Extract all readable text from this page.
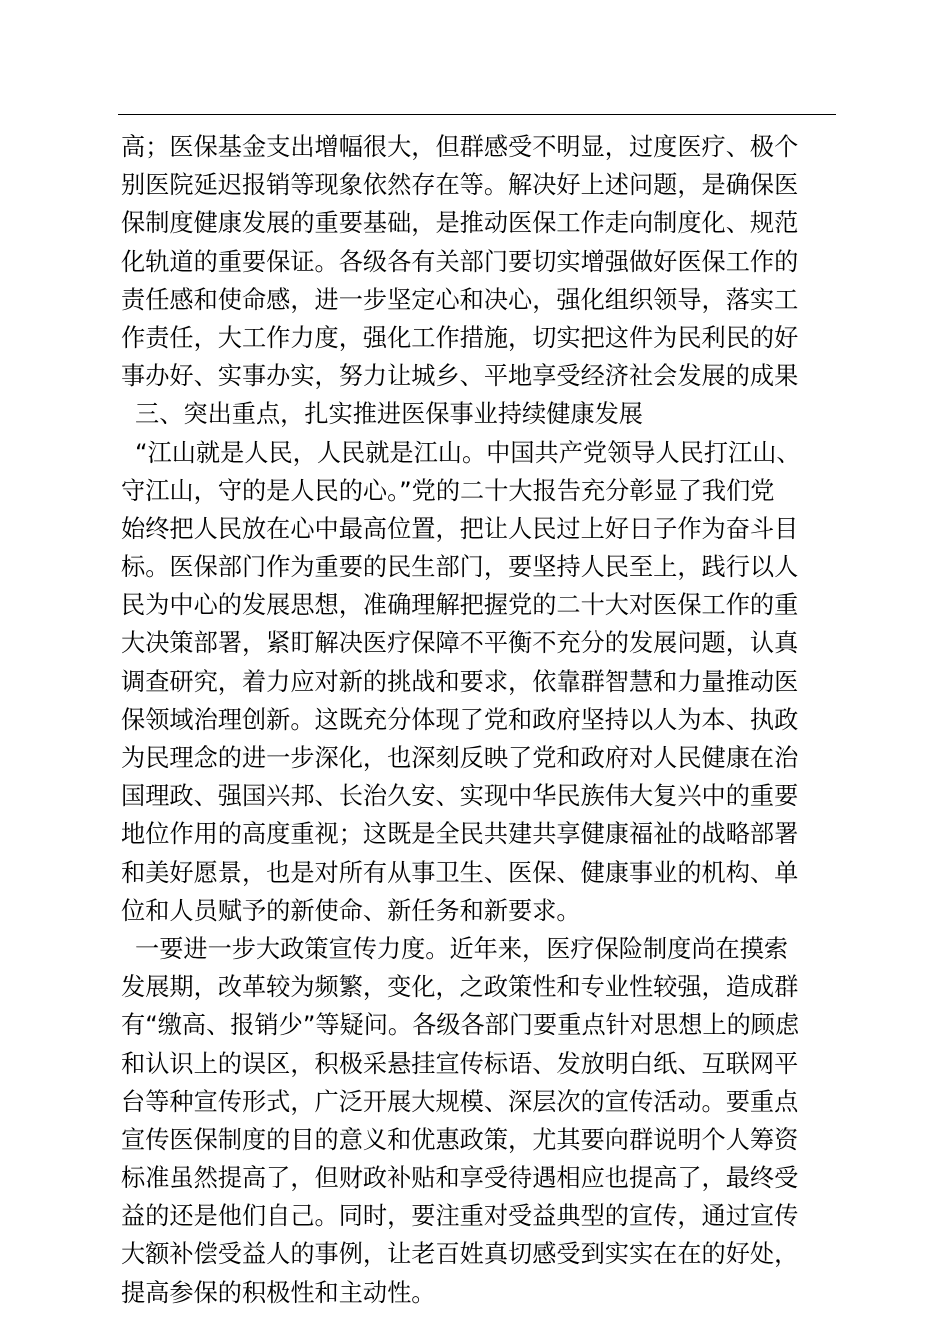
高；医保基金支出增幅很大，但群感受不明显，过度医疗、极个
别医院延迟报销等现象依然存在等。解决好上述问题，是确保医
保制度健康发展的重要基础，是推动医保工作走向制度化、规范
化轨道的重要保证。各级各有关部门要切实增强做好医保工作的
责任感和使命感，进一步坚定心和决心，强化组织领导，落实工
作责任，大工作力度，强化工作措施，切实把这件为民利民的好
事办好、实事办实，努力让城乡、平地享受经济社会发展的成果
三、突出重点，扎实推进医保事业持续健康发展
“江山就是人民，人民就是江山。中国共产党领导人民打江山、
守江山，守的是人民的心。”党的二十大报告充分彰显了我们党
始终把人民放在心中最高位置，把让人民过上好日子作为奋斗目
标。医保部门作为重要的民生部门，要坚持人民至上，践行以人
民为中心的发展思想，准确理解把握党的二十大对医保工作的重
大决策部署，紧盯解决医疗保障不平衡不充分的发展问题，认真
调查研究，着力应对新的挑战和要求，依靠群智慧和力量推动医
保领域治理创新。这既充分体现了党和政府坚持以人为本、执政
为民理念的进一步深化，也深刻反映了党和政府对人民健康在治
国理政、强国兴邦、长治久安、实现中华民族伟大复兴中的重要
地位作用的高度重视；这既是全民共建共享健康福祉的战略部署
和美好愿景，也是对所有从事卫生、医保、健康事业的机构、单
位和人员赋予的新使命、新任务和新要求。
一要进一步大政策宣传力度。近年来，医疗保险制度尚在摸索
发展期，改革较为频繁，变化，之政策性和专业性较强，造成群
有“缴高、报销少”等疑问。各级各部门要重点针对思想上的顾虑
和认识上的误区，积极采悬挂宣传标语、发放明白纸、互联网平
台等种宣传形式，广泛开展大规模、深层次的宣传活动。要重点
宣传医保制度的目的意义和优惠政策，尤其要向群说明个人筹资
标准虽然提高了，但财政补贴和享受待遇相应也提高了，最终受
益的还是他们自己。同时，要注重对受益典型的宣传，通过宣传
大额补偿受益人的事例，让老百姓真切感受到实实在在的好处，
提高参保的积极性和主动性。
